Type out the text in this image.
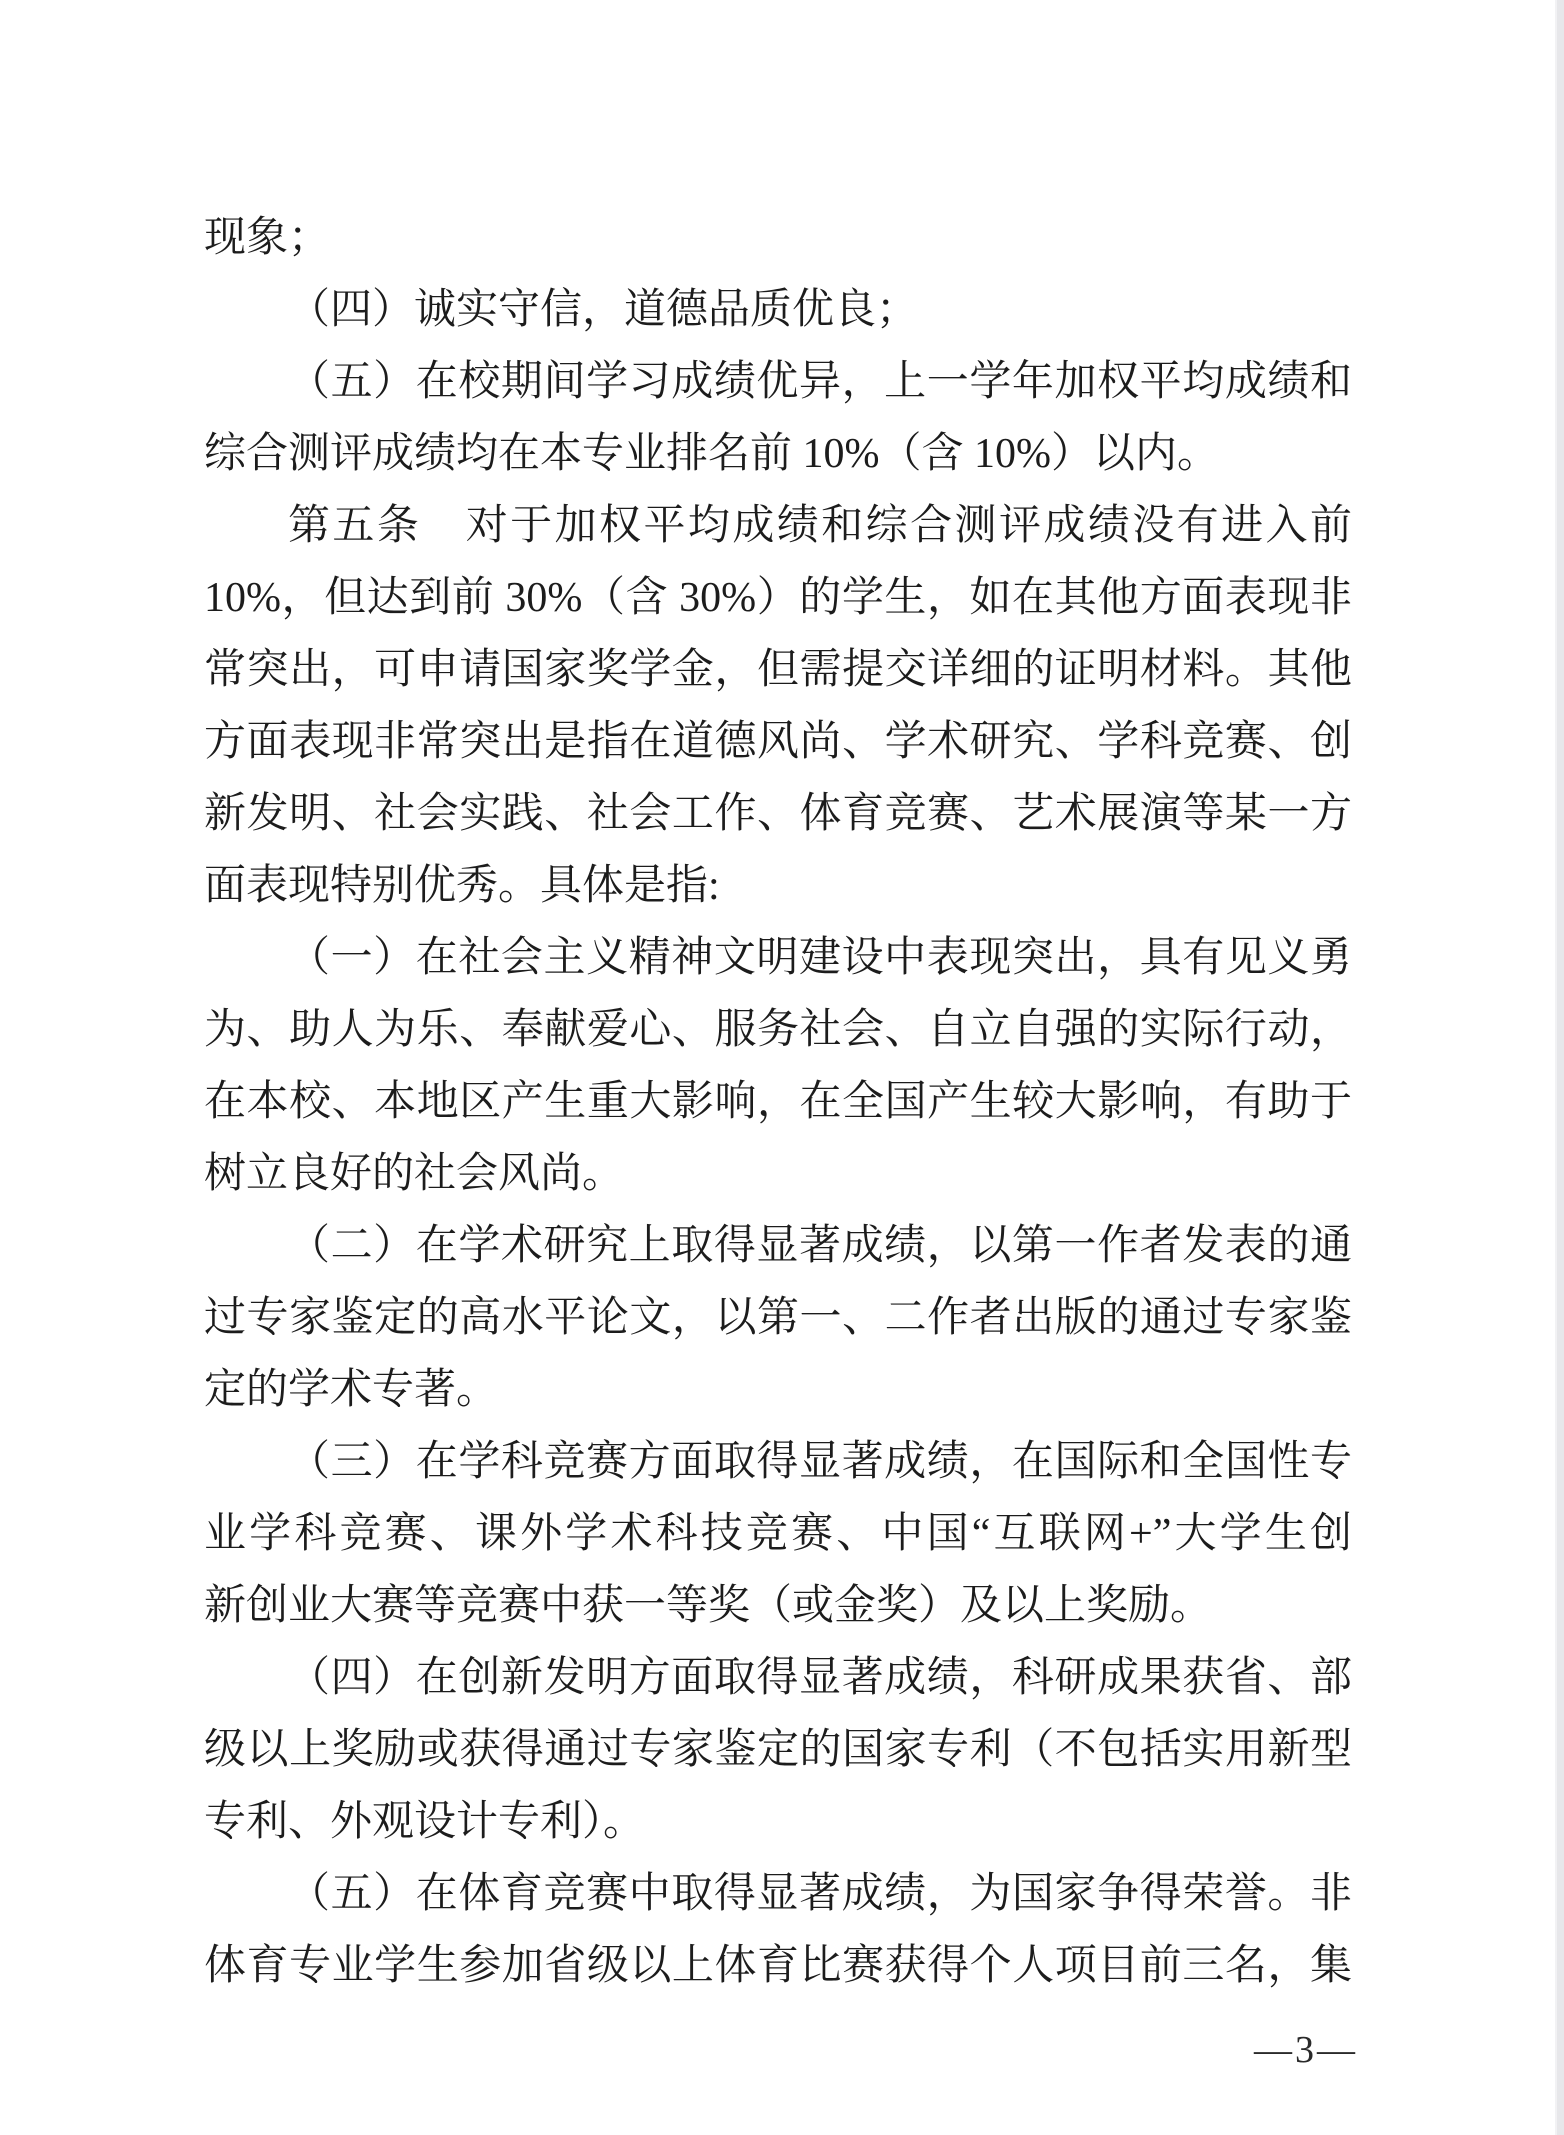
现象；
（四）诚实守信，道德品质优良；
（五）在校期间学习成绩优异，上一学年加权平均成绩和
综合测评成绩均在本专业排名前 10%（含 10%）以内。
第五条　对于加权平均成绩和综合测评成绩没有进入前
10%，但达到前 30%（含 30%）的学生，如在其他方面表现非
常突出，可申请国家奖学金，但需提交详细的证明材料。其他
方面表现非常突出是指在道德风尚、学术研究、学科竞赛、创
新发明、社会实践、社会工作、体育竞赛、艺术展演等某一方
面表现特别优秀。具体是指:
（一）在社会主义精神文明建设中表现突出，具有见义勇
为、助人为乐、奉献爱心、服务社会、自立自强的实际行动，
在本校、本地区产生重大影响，在全国产生较大影响，有助于
树立良好的社会风尚。
（二）在学术研究上取得显著成绩，以第一作者发表的通
过专家鉴定的高水平论文，以第一、二作者出版的通过专家鉴
定的学术专著。
（三）在学科竞赛方面取得显著成绩，在国际和全国性专
业学科竞赛、课外学术科技竞赛、中国“互联网+”大学生创
新创业大赛等竞赛中获一等奖（或金奖）及以上奖励。
（四）在创新发明方面取得显著成绩，科研成果获省、部
级以上奖励或获得通过专家鉴定的国家专利（不包括实用新型
专利、外观设计专利）。
（五）在体育竞赛中取得显著成绩，为国家争得荣誉。非
体育专业学生参加省级以上体育比赛获得个人项目前三名，集
—3—
